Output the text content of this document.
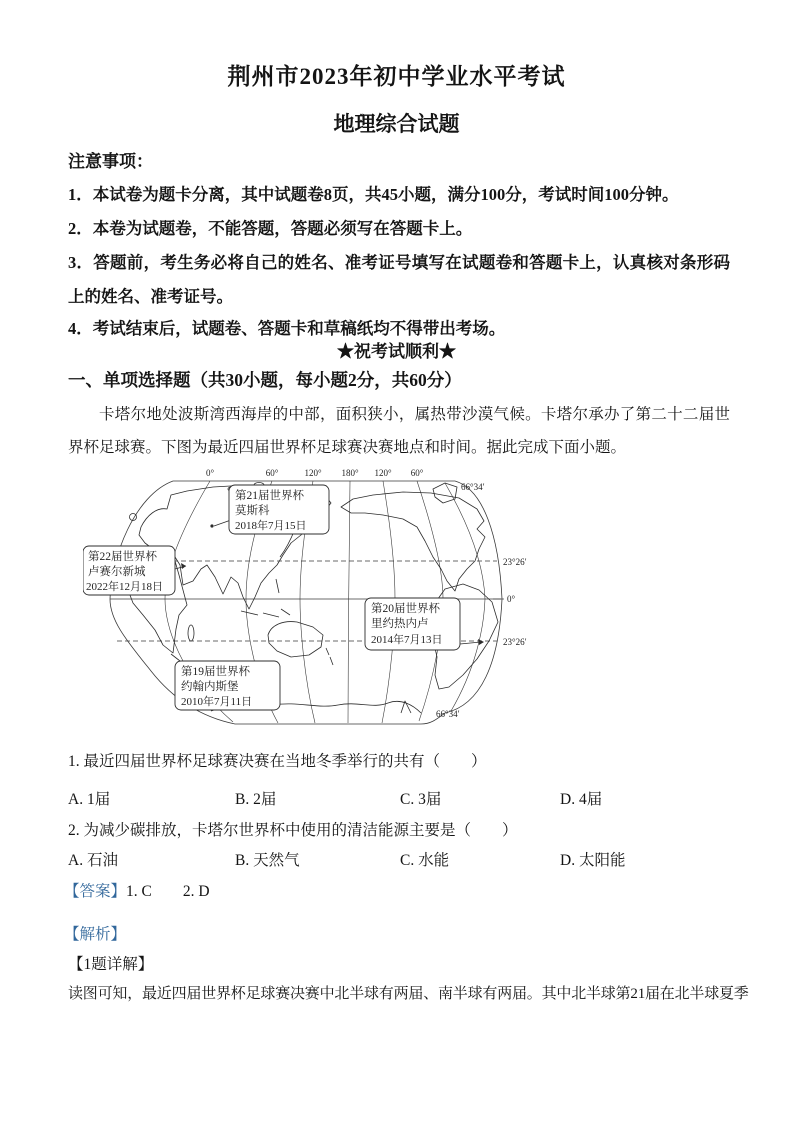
荆州市2023年初中学业水平考试
地理综合试题
注意事项：
1．本试卷为题卡分离，其中试题卷8页，共45小题，满分100分，考试时间100分钟。
2．本卷为试题卷，不能答题，答题必须写在答题卡上。
3．答题前，考生务必将自己的姓名、准考证号填写在试题卷和答题卡上，认真核对条形码上的姓名、准考证号。
4．考试结束后，试题卷、答题卡和草稿纸均不得带出考场。
★祝考试顺利★
一、单项选择题（共30小题，每小题2分，共60分）
卡塔尔地处波斯湾西海岸的中部，面积狭小，属热带沙漠气候。卡塔尔承办了第二十二届世界杯足球赛。下图为最近四届世界杯足球赛决赛地点和时间。据此完成下面小题。
0°	60°	120° 180° 120° 60°
66°34′
23°26′
0°
23°26′
66°34′
第21届世界杯
莫斯科
2018年7月15日
第22届世界杯
卢赛尔新城
2022年12月18日
第20届世界杯
里约热内卢
2014年7月13日
第19届世界杯
约翰内斯堡
2010年7月11日
1. 最近四届世界杯足球赛决赛在当地冬季举行的共有（　　）
A. 1届	B. 2届	C. 3届	D. 4届
2. 为减少碳排放，卡塔尔世界杯中使用的清洁能源主要是（　　）
A. 石油	B. 天然气	C. 水能	D. 太阳能
【答案】1. C　　2. D
【解析】
【1题详解】
读图可知，最近四届世界杯足球赛决赛中北半球有两届、南半球有两届。其中北半球第21届在北半球夏季
